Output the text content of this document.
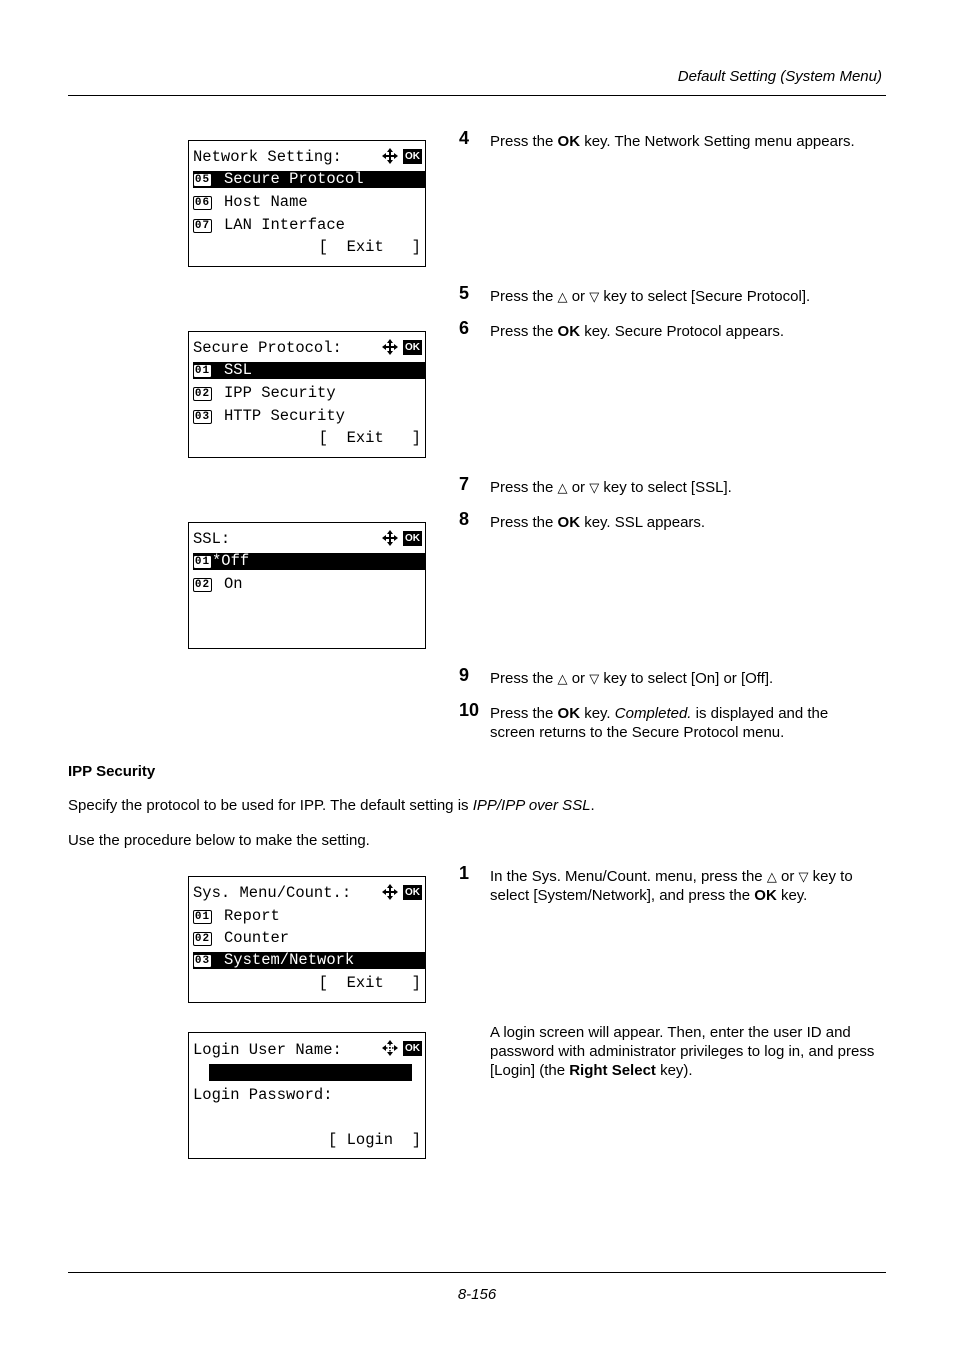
Default Setting (System Menu)
8-156
Network Setting:	OK
05 Secure Protocol
06 Host Name
07 LAN Interface
[  Exit   ]
Secure Protocol:	OK
01 SSL
02 IPP Security
03 HTTP Security
[  Exit   ]
SSL:	OK
01 *Off
02 On
4 Press the OK key. The Network Setting menu appears.
5 Press the △ or ▽ key to select [Secure Protocol].
6 Press the OK key. Secure Protocol appears.
7 Press the △ or ▽ key to select [SSL].
8 Press the OK key. SSL appears.
9 Press the △ or ▽ key to select [On] or [Off].
10 Press the OK key. Completed. is displayed and the screen returns to the Secure Protocol menu.
IPP Security
Specify the protocol to be used for IPP. The default setting is IPP/IPP over SSL.
Use the procedure below to make the setting.
Sys. Menu/Count.:	OK
01 Report
02 Counter
03 System/Network
[  Exit   ]
1 In the Sys. Menu/Count. menu, press the △ or ▽ key to select [System/Network], and press the OK key.
Login User Name:	OK
Login Password:
[ Login  ]
A login screen will appear. Then, enter the user ID and password with administrator privileges to log in, and press [Login] (the Right Select key).
